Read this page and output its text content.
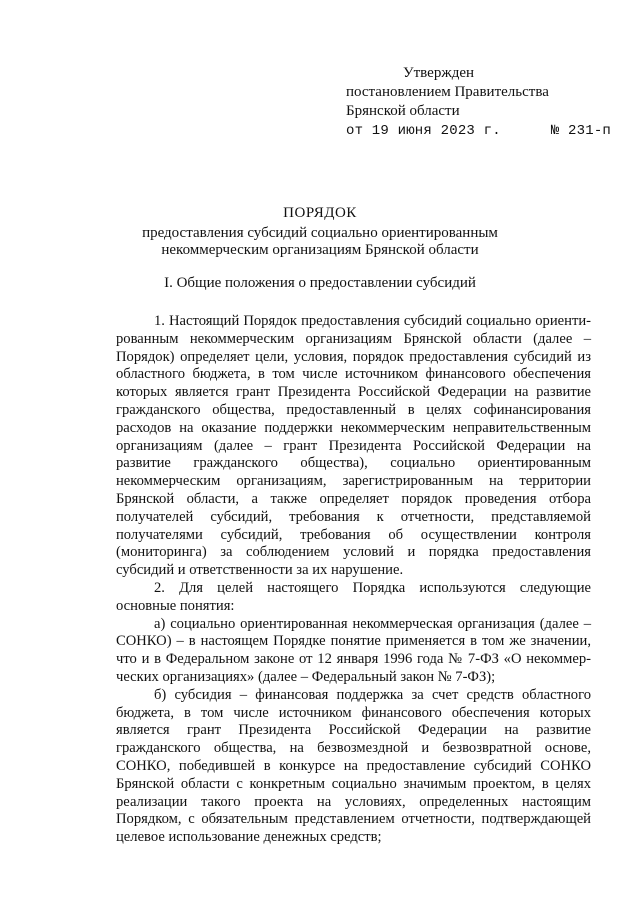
Утвержден
постановлением Правительства
Брянской области
от 19 июня 2023 г.	№ 231-п
ПОРЯДОК
предоставления субсидий социально ориентированным
некоммерческим организациям Брянской области
I. Общие положения о предоставлении субсидий

1. Настоящий Порядок предоставления субсидий социально ориенти-рованным некоммерческим организациям Брянской области (далее – Порядок) определяет цели, условия, порядок предоставления субсидий из областного бюджета, в том числе источником финансового обеспечения которых является грант Президента Российской Федерации на развитие гражданского общества, предоставленный в целях софинансирования расходов на оказание поддержки некоммерческим неправительственным организациям (далее – грант Президента Российской Федерации на развитие гражданского общества), социально ориентированным некоммерческим организациям, зарегистрированным на территории Брянской области, а также определяет порядок проведения отбора получателей субсидий, требования к отчетности, представляемой получателями субсидий, требования об осуществлении контроля (мониторинга) за соблюдением условий и порядка предоставления субсидий и ответственности за их нарушение.

2. Для целей настоящего Порядка используются следующие основные понятия:

а) социально ориентированная некоммерческая организация (далее – СОНКО) – в настоящем Порядке понятие применяется в том же значении, что и в Федеральном законе от 12 января 1996 года № 7-ФЗ «О некоммер-ческих организациях» (далее – Федеральный закон № 7-ФЗ);

б) субсидия – финансовая поддержка за счет средств областного бюджета, в том числе источником финансового обеспечения которых является грант Президента Российской Федерации на развитие гражданского общества, на безвозмездной и безвозвратной основе, СОНКО, победившей в конкурсе на предоставление субсидий СОНКО Брянской области с конкретным социально значимым проектом, в целях реализации такого проекта на условиях, определенных настоящим Порядком, с обязательным представлением отчетности, подтверждающей целевое использование денежных средств;
